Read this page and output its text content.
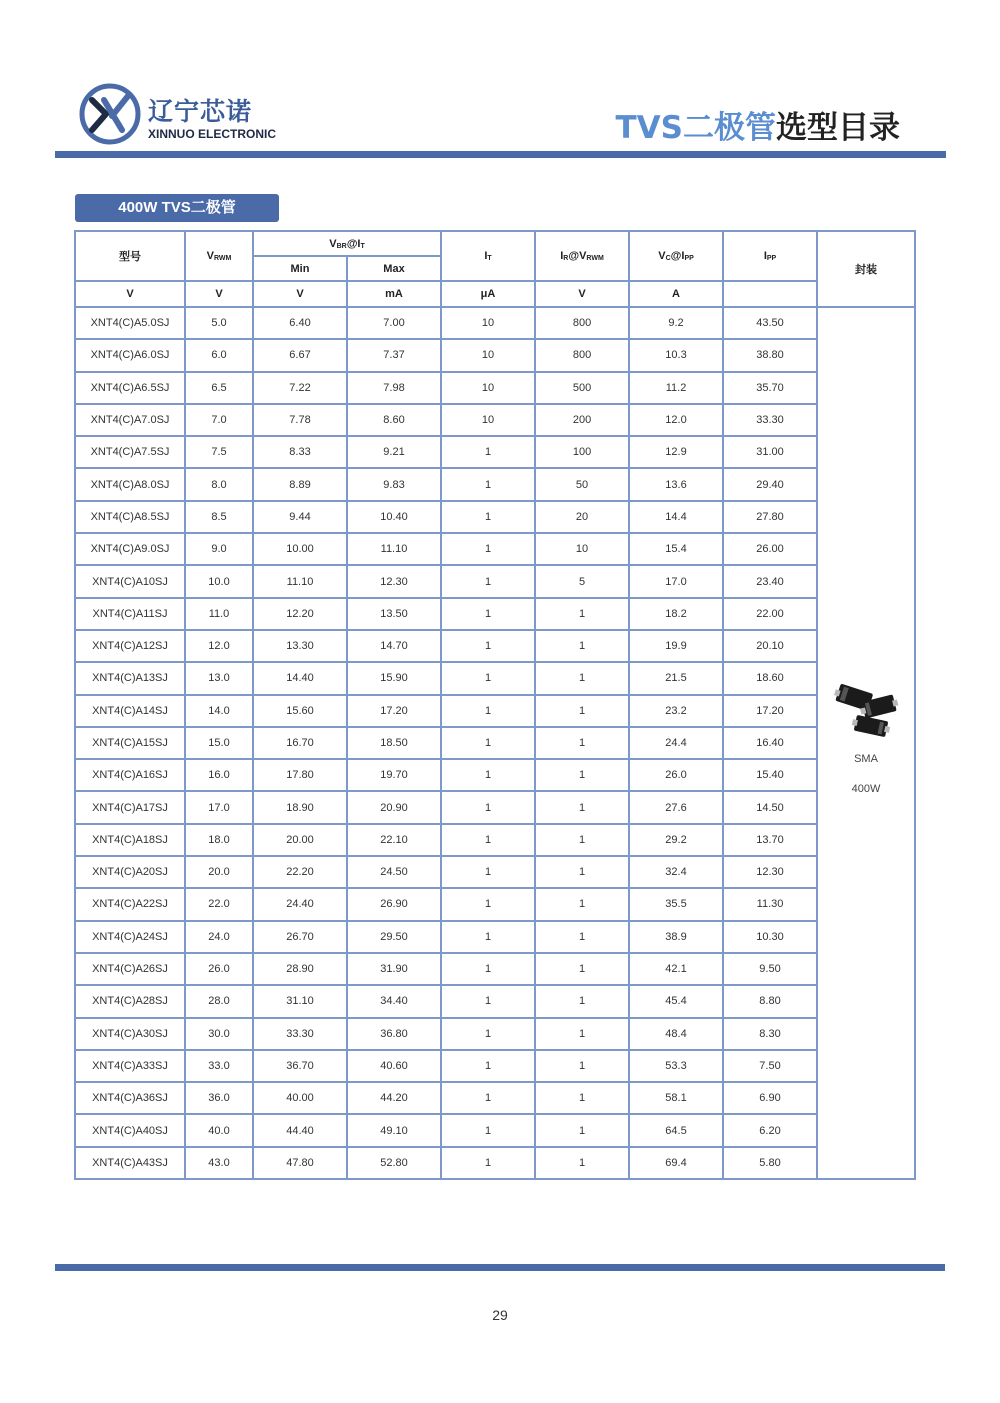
辽宁芯诺
XINNUO ELECTRONIC	TVS二极管选型目录
400W TVS二极管
型号	$V_{RWM}$	$V_{BR}@I_T$		$I_T$	$I_R@V_{RWM}$	$V_C@I_{PP}$	$I_{PP}$	封装
		Min	Max					
V	V	V	mA	μA	V	A		
XNT4(C)A5.0SJ	5.0	6.40	7.00	10	800	9.2	43.50	SMA
400W

XNT4(C)A6.0SJ	6.0	6.67	7.37	10	800	10.3	38.80	
XNT4(C)A6.5SJ	6.5	7.22	7.98	10	500	11.2	35.70	
XNT4(C)A7.0SJ	7.0	7.78	8.60	10	200	12.0	33.30	
XNT4(C)A7.5SJ	7.5	8.33	9.21	1	100	12.9	31.00	
XNT4(C)A8.0SJ	8.0	8.89	9.83	1	50	13.6	29.40	
XNT4(C)A8.5SJ	8.5	9.44	10.40	1	20	14.4	27.80	
XNT4(C)A9.0SJ	9.0	10.00	11.10	1	10	15.4	26.00	
XNT4(C)A10SJ	10.0	11.10	12.30	1	5	17.0	23.40	
XNT4(C)A11SJ	11.0	12.20	13.50	1	1	18.2	22.00	
XNT4(C)A12SJ	12.0	13.30	14.70	1	1	19.9	20.10	
XNT4(C)A13SJ	13.0	14.40	15.90	1	1	21.5	18.60	
XNT4(C)A14SJ	14.0	15.60	17.20	1	1	23.2	17.20	
XNT4(C)A15SJ	15.0	16.70	18.50	1	1	24.4	16.40	
XNT4(C)A16SJ	16.0	17.80	19.70	1	1	26.0	15.40	
XNT4(C)A17SJ	17.0	18.90	20.90	1	1	27.6	14.50	
XNT4(C)A18SJ	18.0	20.00	22.10	1	1	29.2	13.70	
XNT4(C)A20SJ	20.0	22.20	24.50	1	1	32.4	12.30	
XNT4(C)A22SJ	22.0	24.40	26.90	1	1	35.5	11.30	
XNT4(C)A24SJ	24.0	26.70	29.50	1	1	38.9	10.30	
XNT4(C)A26SJ	26.0	28.90	31.90	1	1	42.1	9.50	
XNT4(C)A28SJ	28.0	31.10	34.40	1	1	45.4	8.80	
XNT4(C)A30SJ	30.0	33.30	36.80	1	1	48.4	8.30	
XNT4(C)A33SJ	33.0	36.70	40.60	1	1	53.3	7.50	
XNT4(C)A36SJ	36.0	40.00	44.20	1	1	58.1	6.90	
XNT4(C)A40SJ	40.0	44.40	49.10	1	1	64.5	6.20	
XNT4(C)A43SJ	43.0	47.80	52.80	1	1	69.4	5.80	
29
